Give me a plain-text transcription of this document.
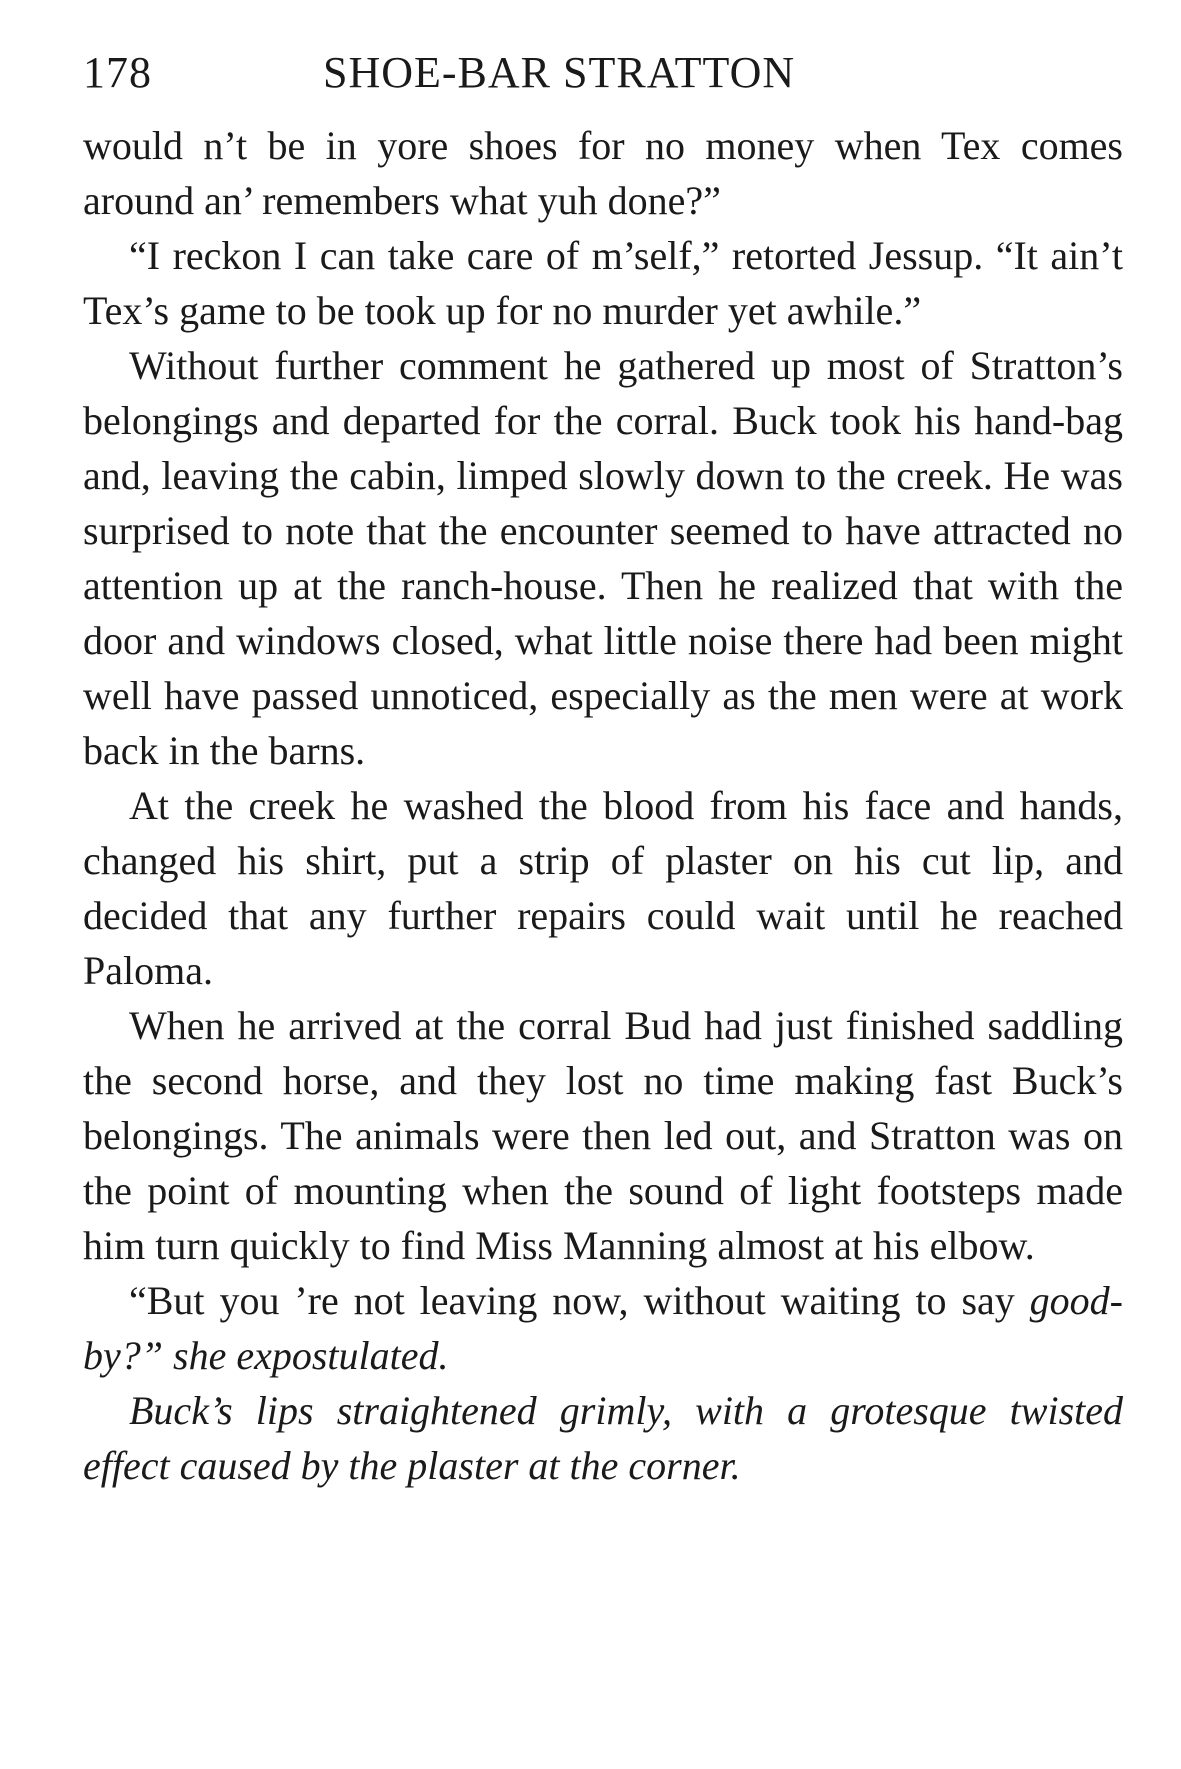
178	SHOE-BAR STRATTON

would n’t be in yore shoes for no money when Tex comes around an’ remembers what yuh done?”

“I reckon I can take care of m’self,” retorted Jessup. “It ain’t Tex’s game to be took up for no murder yet awhile.”

Without further comment he gathered up most of Stratton’s belongings and departed for the corral. Buck took his hand-bag and, leaving the cabin, limped slowly down to the creek. He was surprised to note that the encounter seemed to have attracted no attention up at the ranch-house. Then he realized that with the door and windows closed, what little noise there had been might well have passed unnoticed, especially as the men were at work back in the barns.

At the creek he washed the blood from his face and hands, changed his shirt, put a strip of plaster on his cut lip, and decided that any further repairs could wait until he reached Paloma.

When he arrived at the corral Bud had just finished saddling the second horse, and they lost no time making fast Buck’s belongings. The animals were then led out, and Stratton was on the point of mounting when the sound of light footsteps made him turn quickly to find Miss Manning almost at his elbow.

“But you ’re not leaving now, without waiting to say good-by?” she expostulated.

Buck’s lips straightened grimly, with a grotesque twisted effect caused by the plaster at the corner.
